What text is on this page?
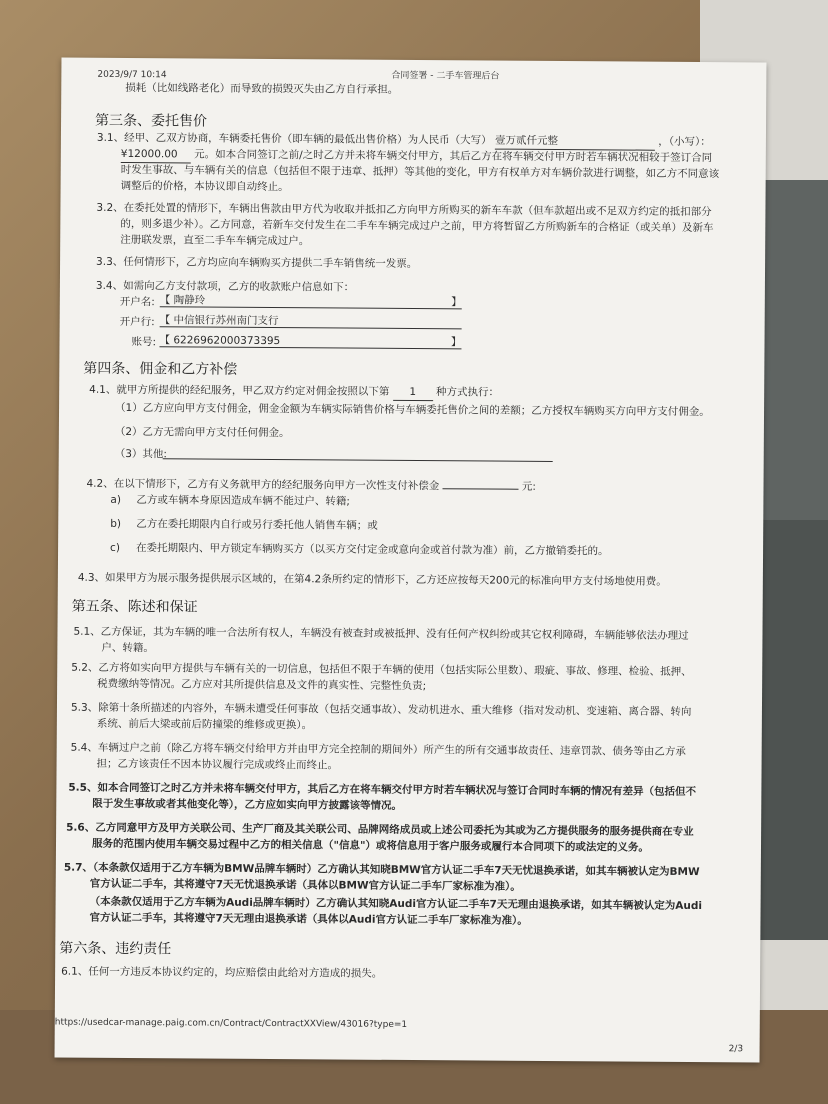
2023/9/7 10:14	合同签署 - 二手车管理后台
损耗（比如线路老化）而导致的损毁灭失由乙方自行承担。
第三条、委托售价
3.1、经甲、乙双方协商，车辆委托售价（即车辆的最低出售价格）为人民币（大写） 壹万贰仟元整	，（小写）：
¥12000.00 元。如本合同签订之前/之时乙方并未将车辆交付甲方，其后乙方在将车辆交付甲方时若车辆状况相较于签订合同
时发生事故、与车辆有关的信息（包括但不限于违章、抵押）等其他的变化，甲方有权单方对车辆价款进行调整，如乙方不同意该
调整后的价格，本协议即自动终止。
3.2、在委托处置的情形下，车辆出售款由甲方代为收取并抵扣乙方向甲方所购买的新车车款（但车款超出或不足双方约定的抵扣部分
的，则多退少补）。乙方同意，若新车交付发生在二手车车辆完成过户之前，甲方将暂留乙方所购新车的合格证（或关单）及新车
注册联发票，直至二手车车辆完成过户。
3.3、任何情形下，乙方均应向车辆购买方提供二手车销售统一发票。
3.4、如需向乙方支付款项，乙方的收款账户信息如下：
开户名: 【 陶静玲	】
开户行: 【 中信银行苏州南门支行
账号: 【 6226962000373395	】
第四条、佣金和乙方补偿
4.1、就甲方所提供的经纪服务，甲乙双方约定对佣金按照以下第 1 种方式执行：
（1）乙方应向甲方支付佣金，佣金金额为车辆实际销售价格与车辆委托售价之间的差额；乙方授权车辆购买方向甲方支付佣金。
（2）乙方无需向甲方支付任何佣金。
（3）其他:
4.2、在以下情形下，乙方有义务就甲方的经纪服务向甲方一次性支付补偿金	元:
a) 乙方或车辆本身原因造成车辆不能过户、转籍;
b) 乙方在委托期限内自行或另行委托他人销售车辆；或
c) 在委托期限内、甲方锁定车辆购买方（以买方交付定金或意向金或首付款为准）前，乙方撤销委托的。
4.3、如果甲方为展示服务提供展示区域的，在第4.2条所约定的情形下，乙方还应按每天200元的标准向甲方支付场地使用费。
第五条、陈述和保证
5.1、乙方保证，其为车辆的唯一合法所有权人，车辆没有被查封或被抵押、没有任何产权纠纷或其它权利障碍，车辆能够依法办理过
户、转籍。
5.2、乙方将如实向甲方提供与车辆有关的一切信息，包括但不限于车辆的使用（包括实际公里数）、瑕疵、事故、修理、检验、抵押、
税费缴纳等情况。乙方应对其所提供信息及文件的真实性、完整性负责;
5.3、除第十条所描述的内容外，车辆未遭受任何事故（包括交通事故）、发动机进水、重大维修（指对发动机、变速箱、离合器、转向
系统、前后大梁或前后防撞梁的维修或更换）。
5.4、车辆过户之前（除乙方将车辆交付给甲方并由甲方完全控制的期间外）所产生的所有交通事故责任、违章罚款、债务等由乙方承
担；乙方该责任不因本协议履行完成或终止而终止。
5.5、如本合同签订之时乙方并未将车辆交付甲方，其后乙方在将车辆交付甲方时若车辆状况与签订合同时车辆的情况有差异（包括但不
限于发生事故或者其他变化等），乙方应如实向甲方披露该等情况。
5.6、乙方同意甲方及甲方关联公司、生产厂商及其关联公司、品牌网络成员或上述公司委托为其或为乙方提供服务的服务提供商在专业
服务的范围内使用车辆交易过程中乙方的相关信息（"信息"）或将信息用于客户服务或履行本合同项下的或法定的义务。
5.7、（本条款仅适用于乙方车辆为BMW品牌车辆时）乙方确认其知晓BMW官方认证二手车7天无忧退换承诺，如其车辆被认定为BMW
官方认证二手车，其将遵守7天无忧退换承诺（具体以BMW官方认证二手车厂家标准为准）。
（本条款仅适用于乙方车辆为Audi品牌车辆时）乙方确认其知晓Audi官方认证二手车7天无理由退换承诺，如其车辆被认定为Audi
官方认证二手车，其将遵守7天无理由退换承诺（具体以Audi官方认证二手车厂家标准为准）。
第六条、违约责任
6.1、任何一方违反本协议约定的，均应赔偿由此给对方造成的损失。
https://usedcar-manage.paig.com.cn/Contract/ContractXXView/43016?type=1
2/3
